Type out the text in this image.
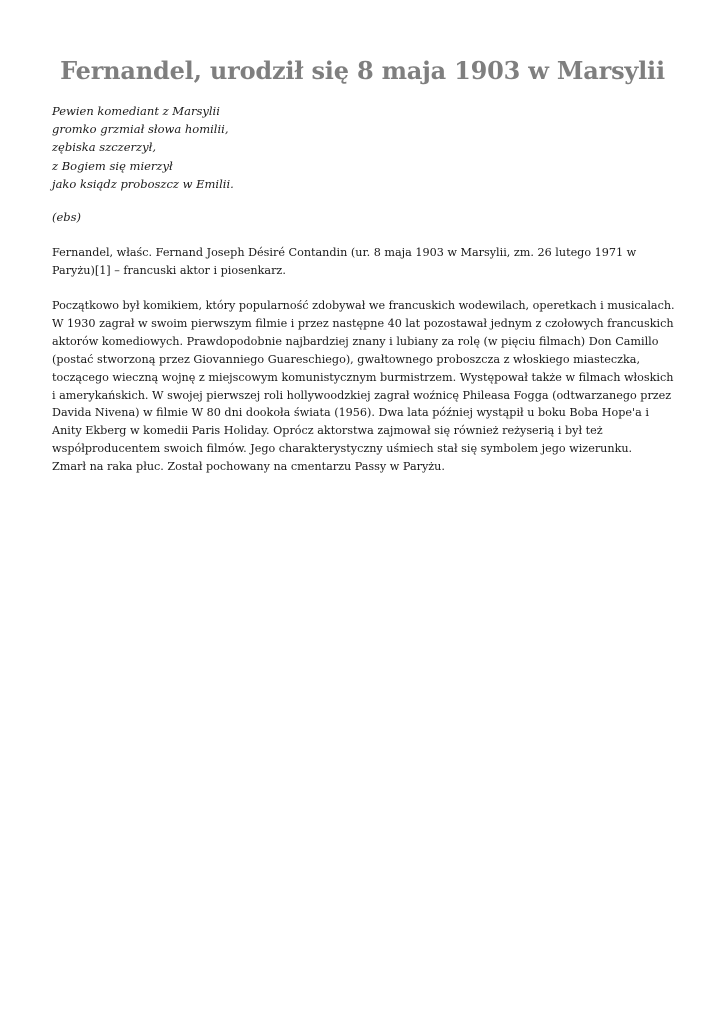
Fernandel, urodził się 8 maja 1903 w Marsylii
Pewien komediant z Marsylii
gromko grzmiał słowa homilii,
zębiska szczerzył,
z Bogiem się mierzył
jako ksiądz proboszcz w Emilii.

(ebs)

Fernandel, właśc. Fernand Joseph Désiré Contandin (ur. 8 maja 1903 w Marsylii, zm. 26 lutego 1971 w Paryżu)[1] – francuski aktor i piosenkarz.

Początkowo był komikiem, który popularność zdobywał we francuskich wodewilach, operetkach i musicalach. W 1930 zagrał w swoim pierwszym filmie i przez następne 40 lat pozostawał jednym z czołowych francuskich aktorów komediowych. Prawdopodobnie najbardziej znany i lubiany za rolę (w pięciu filmach) Don Camillo (postać stworzoną przez Giovanniego Guareschiego), gwałtownego proboszcza z włoskiego miasteczka, toczącego wieczną wojnę z miejscowym komunistycznym burmistrzem. Występował także w filmach włoskich i amerykańskich. W swojej pierwszej roli hollywoodzkiej zagrał woźnicę Phileasa Fogga (odtwarzanego przez Davida Nivena) w filmie W 80 dni dookoła świata (1956). Dwa lata później wystąpił u boku Boba Hope'a i Anity Ekberg w komedii Paris Holiday. Oprócz aktorstwa zajmował się również reżyserią i był też współproducentem swoich filmów. Jego charakterystyczny uśmiech stał się symbolem jego wizerunku.

Zmarł na raka płuc. Został pochowany na cmentarzu Passy w Paryżu.
